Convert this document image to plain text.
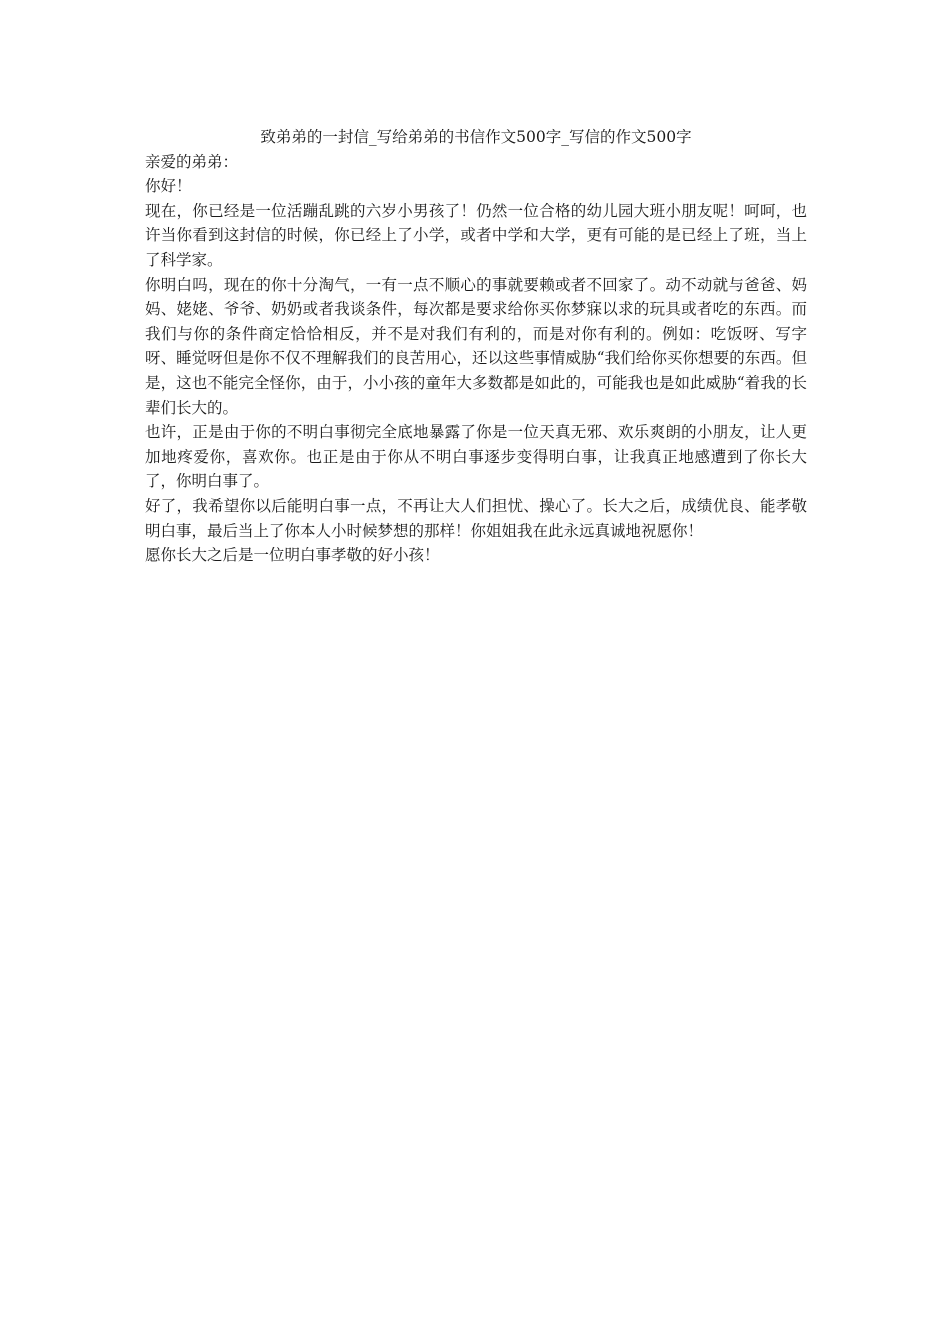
致弟弟的一封信_写给弟弟的书信作文500字_写信的作文500字

亲爱的弟弟：

你好！

现在，你已经是一位活蹦乱跳的六岁小男孩了！仍然一位合格的幼儿园大班小朋友呢！呵呵，也许当你看到这封信的时候，你已经上了小学，或者中学和大学，更有可能的是已经上了班，当上了科学家。

你明白吗，现在的你十分淘气，一有一点不顺心的事就要赖或者不回家了。动不动就与爸爸、妈妈、姥姥、爷爷、奶奶或者我谈条件，每次都是要求给你买你梦寐以求的玩具或者吃的东西。而我们与你的条件商定恰恰相反，并不是对我们有利的，而是对你有利的。例如：吃饭呀、写字呀、睡觉呀但是你不仅不理解我们的良苦用心，还以这些事情威胁“我们给你买你想要的东西。但是，这也不能完全怪你，由于，小小孩的童年大多数都是如此的，可能我也是如此威胁“着我的长辈们长大的。

也许，正是由于你的不明白事彻完全底地暴露了你是一位天真无邪、欢乐爽朗的小朋友，让人更加地疼爱你，喜欢你。也正是由于你从不明白事逐步变得明白事，让我真正地感遭到了你长大了，你明白事了。

好了，我希望你以后能明白事一点，不再让大人们担忧、操心了。长大之后，成绩优良、能孝敬明白事，最后当上了你本人小时候梦想的那样！你姐姐我在此永远真诚地祝愿你！

愿你长大之后是一位明白事孝敬的好小孩！
